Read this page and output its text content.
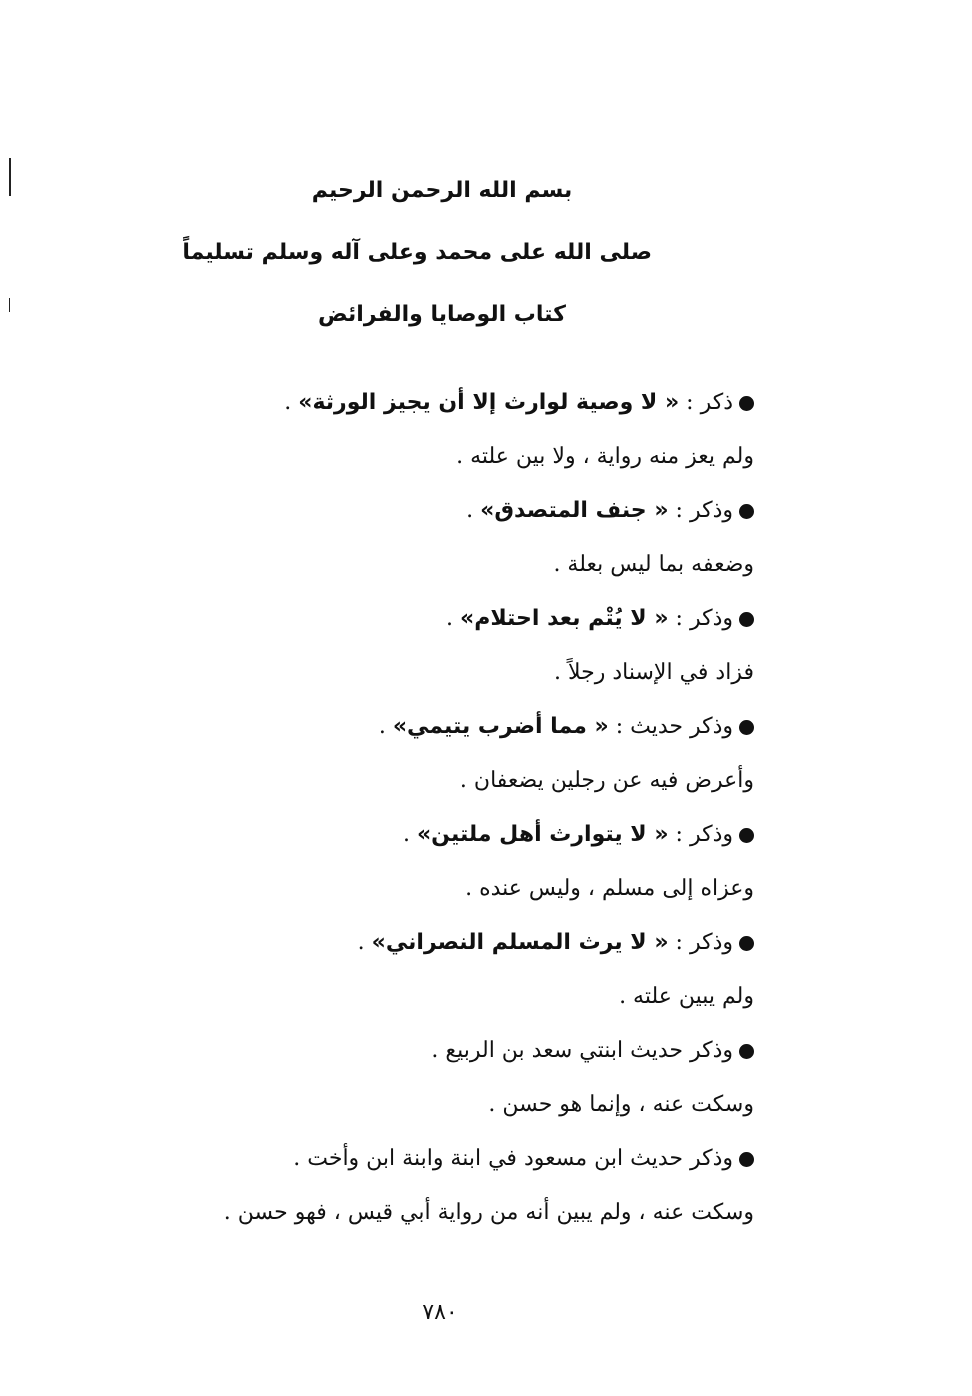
بسم الله الرحمن الرحيم
صلى الله على محمد وعلى آله وسلم تسليماً
كتاب الوصايا والفرائض
ذكر : « لا وصية لوارث إلا أن يجيز الورثة» .
ولم يعز منه رواية ، ولا بين علته .
وذكر : « جنف المتصدق» .
وضعفه بما ليس بعلة .
وذكر : « لا يُتْم بعد احتلام» .
فزاد في الإسناد رجلاً .
وذكر حديث : « مما أضرب يتيمي» .
وأعرض فيه عن رجلين يضعفان .
وذكر : « لا يتوارث أهل ملتين» .
وعزاه إلى مسلم ، وليس عنده .
وذكر : « لا يرث المسلم النصراني» .
ولم يبين علته .
وذكر حديث ابنتي سعد بن الربيع .
وسكت عنه ، وإنما هو حسن .
وذكر حديث ابن مسعود في ابنة وابنة ابن وأخت .
وسكت عنه ، ولم يبين أنه من رواية أبي قيس ، فهو حسن .
٧٨٠
